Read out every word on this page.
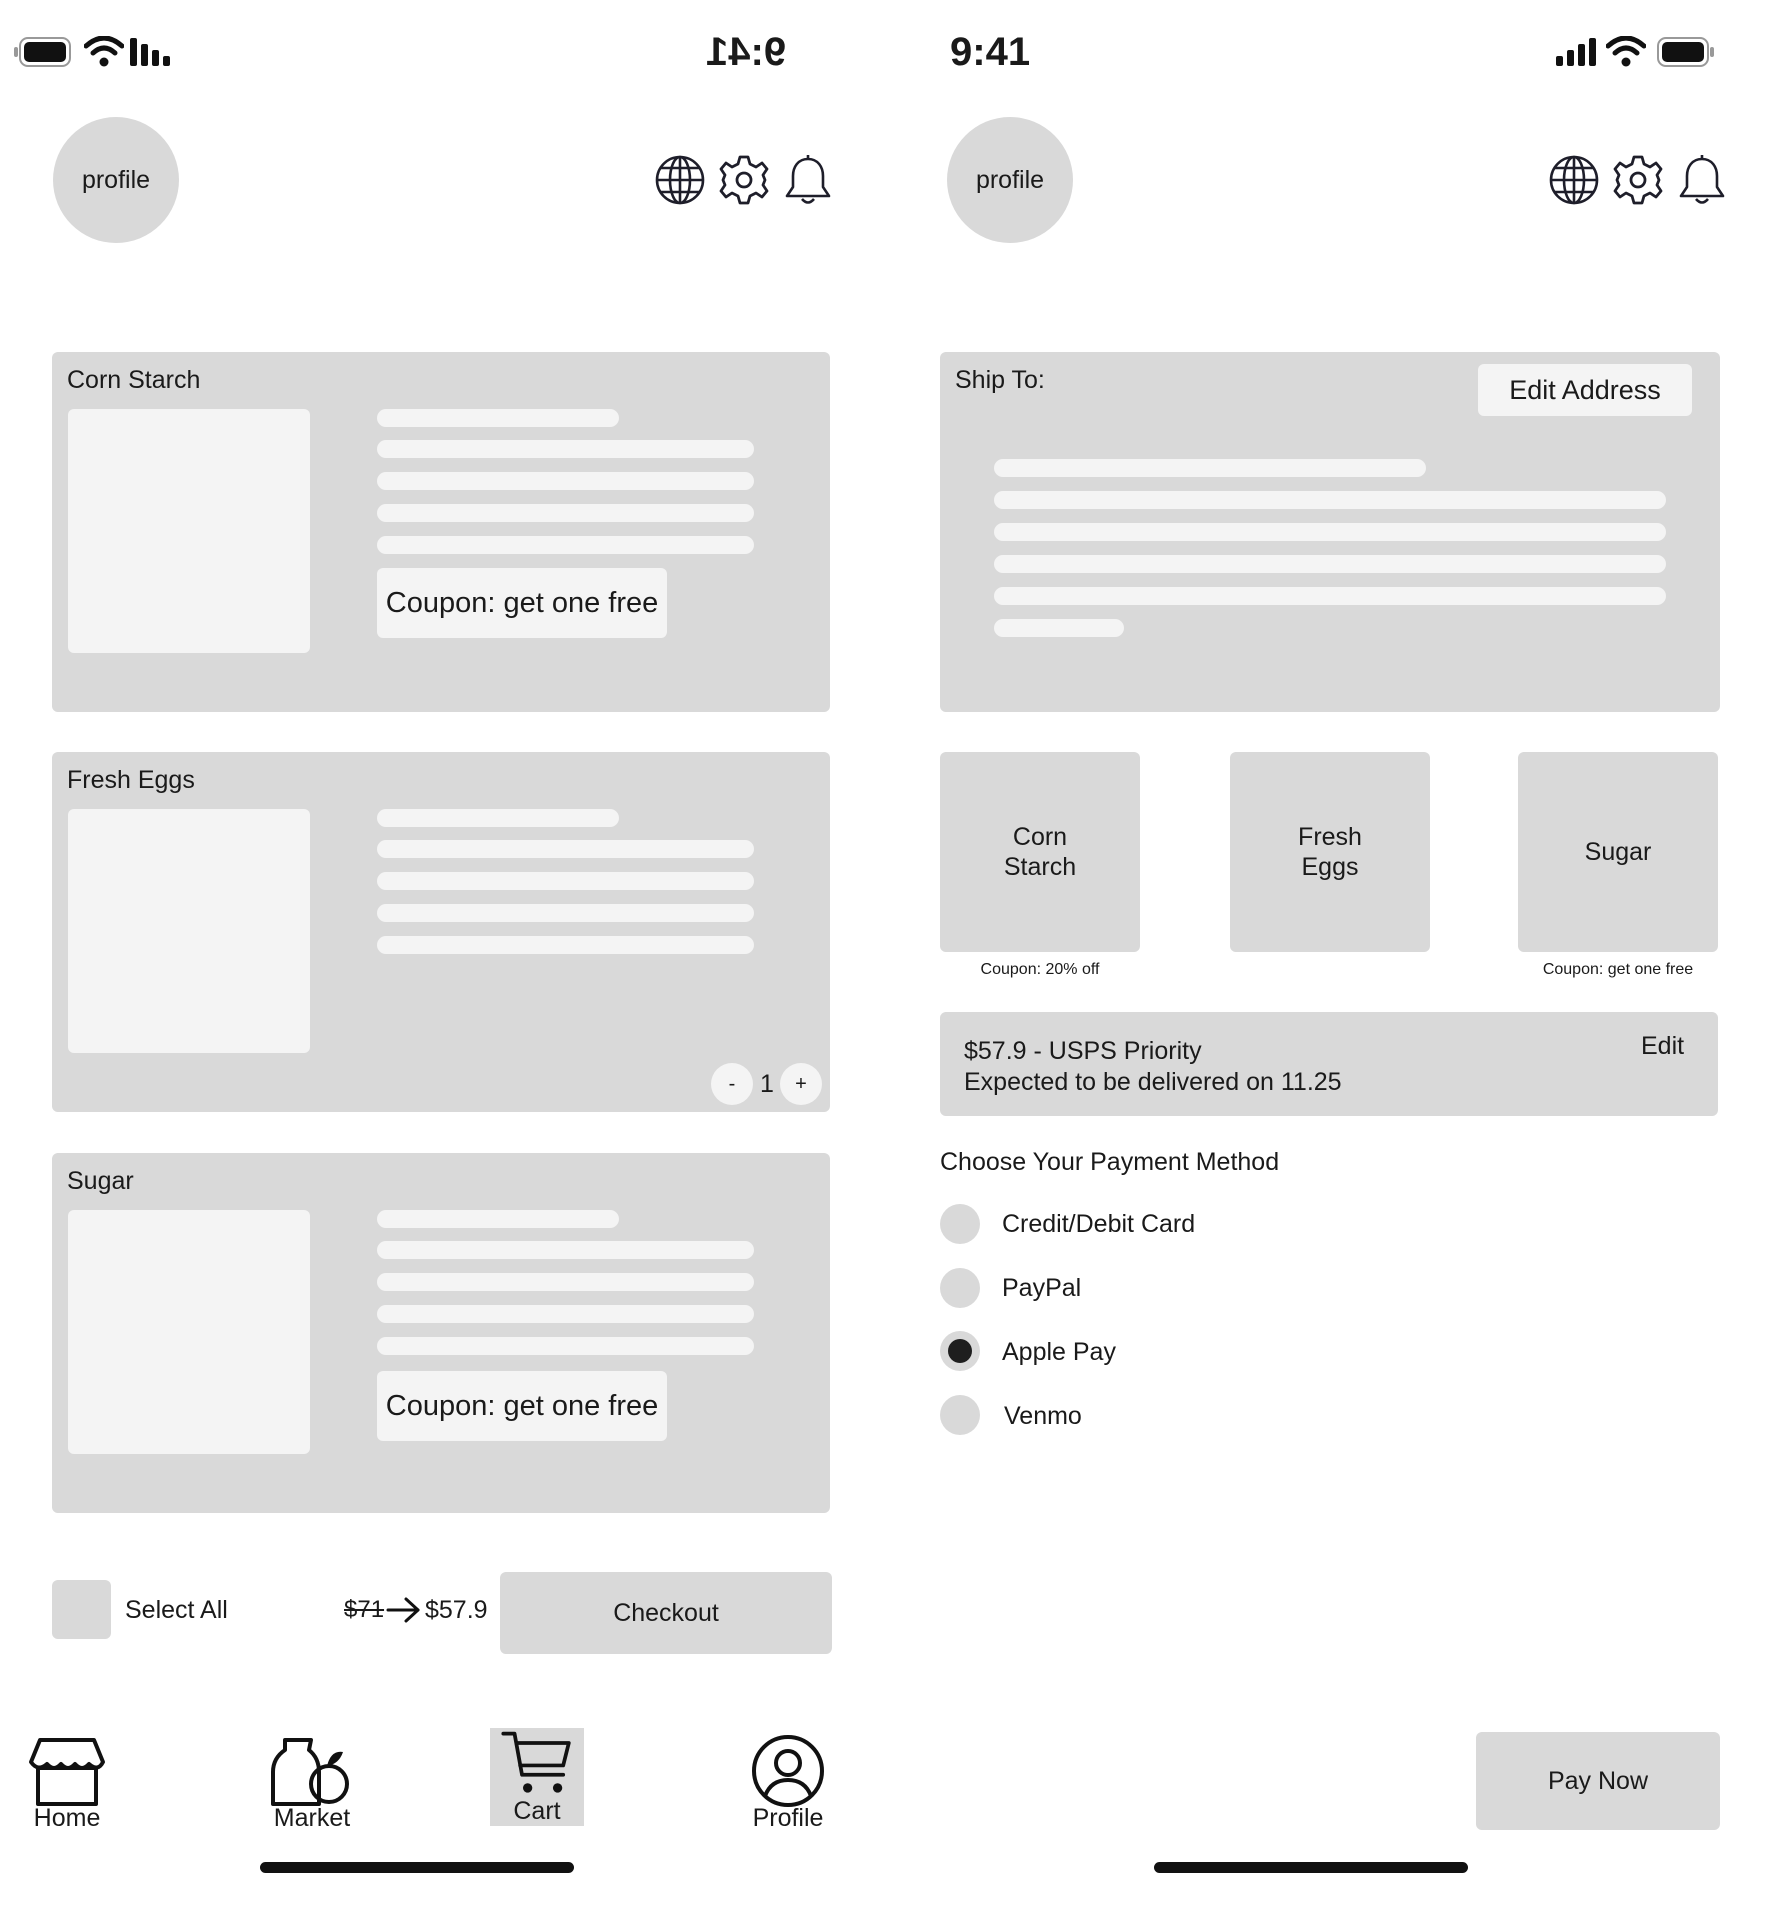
9:41
profile
Corn Starch
Coupon: get one free
Fresh Eggs
- 1	+
Sugar
Coupon: get one free
Select All	$71 $57.9	Checkout
Home	Market	Cart	Profile
9:41
profile
Ship To:	Edit Address
Corn
Starch
Coupon: 20% off
Fresh
Eggs
Sugar
Coupon: get one free
$57.9 - USPS Priority
Expected to be delivered on 11.25
Edit
Choose Your Payment Method
Credit/Debit Card
PayPal
Apple Pay
Venmo
Pay Now
